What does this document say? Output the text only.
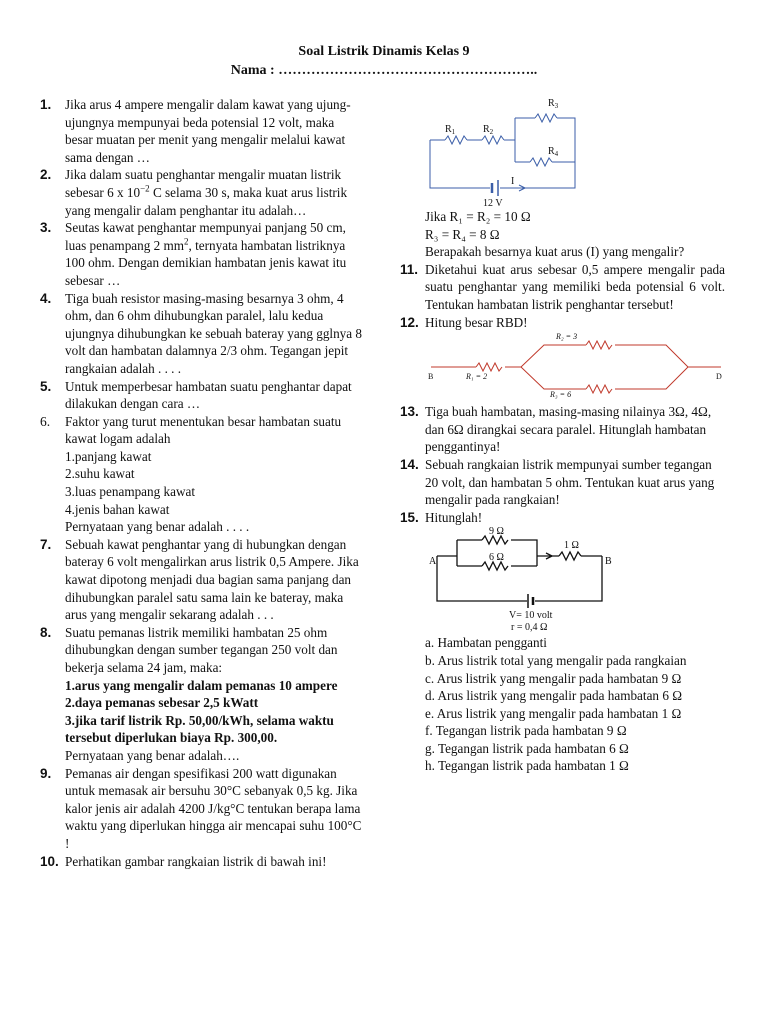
Soal Listrik Dinamis Kelas 9
Nama : ………………………………………………..
1. Jika arus 4 ampere mengalir dalam kawat yang ujung-ujungnya mempunyai beda potensial 12 volt, maka besar muatan per menit yang mengalir melalui kawat sama dengan …
2. Jika dalam suatu penghantar mengalir muatan listrik sebesar 6 x $10^{-2}$ C selama 30 s, maka kuat arus listrik yang mengalir dalam penghantar itu adalah…
3. Seutas kawat penghantar mempunyai panjang 50 cm, luas penampang 2 $mm^2$, ternyata hambatan listriknya 100 ohm. Dengan demikian hambatan jenis kawat itu sebesar …
4. Tiga buah resistor masing-masing besarnya 3 ohm, 4 ohm, dan 6 ohm dihubungkan paralel, lalu kedua ujungnya dihubungkan ke sebuah bateray yang gglnya 8 volt dan hambatan dalamnya 2/3 ohm. Tegangan jepit rangkaian adalah . . . .
5. Untuk memperbesar hambatan suatu penghantar dapat dilakukan dengan cara …
6. Faktor yang turut menentukan besar hambatan suatu kawat logam adalah
1.panjang kawat
2.suhu kawat
3.luas penampang kawat
4.jenis bahan kawat
Pernyataan yang benar adalah . . . .
7. Sebuah kawat penghantar yang di hubungkan dengan bateray 6 volt mengalirkan arus listrik 0,5 Ampere. Jika kawat dipotong menjadi dua bagian sama panjang dan dihubungkan paralel satu sama lain ke bateray, maka arus yang mengalir sekarang adalah . . .
8. Suatu pemanas listrik memiliki hambatan 25 ohm dihubungkan dengan sumber tegangan 250 volt dan bekerja selama 24 jam, maka:
1.arus yang mengalir dalam pemanas 10 ampere
2.daya pemanas sebesar 2,5 kWatt
3.jika tarif listrik Rp. 50,00/kWh, selama waktu tersebut diperlukan biaya Rp. 300,00.
Pernyataan yang benar adalah….
9. Pemanas air dengan spesifikasi 200 watt digunakan untuk memasak air bersuhu 30°C sebanyak 0,5 kg. Jika kalor jenis air adalah 4200 J/kg°C tentukan berapa lama waktu yang diperlukan hingga air mencapai suhu 100°C !
10. Perhatikan gambar rangkaian listrik di bawah ini!
$R_1$	$R_2$
$R_3$
$R_4$
I
12 V
Jika R₁ = R₂ = 10 Ω
R₃ = R₄ = 8 Ω
Berapakah besarnya kuat arus (I) yang mengalir?
11. Diketahui kuat arus sebesar 0,5 ampere mengalir pada suatu penghantar yang memiliki beda potensial 6 volt. Tentukan hambatan listrik penghantar tersebut!
12. Hitung besar RBD!
B	D
R₁ = 2
R₂ = 3
R₃ = 6
13. Tiga buah hambatan, masing-masing nilainya 3Ω, 4Ω, dan 6Ω dirangkai secara paralel. Hitunglah hambatan penggantinya!
14. Sebuah rangkaian listrik mempunyai sumber tegangan 20 volt, dan hambatan 5 ohm. Tentukan kuat arus yang mengalir pada rangkaian!
15. Hitunglah!
9 Ω
6 Ω
1 Ω
A	B
V= 10 volt
r = 0,4 Ω
a. Hambatan pengganti
b. Arus listrik total yang mengalir pada rangkaian
c. Arus listrik yang mengalir pada hambatan 9 Ω
d. Arus listrik yang mengalir pada hambatan 6 Ω
e. Arus listrik yang mengalir pada hambatan 1 Ω
f. Tegangan listrik pada hambatan 9 Ω
g. Tegangan listrik pada hambatan 6 Ω
h. Tegangan listrik pada hambatan 1 Ω
